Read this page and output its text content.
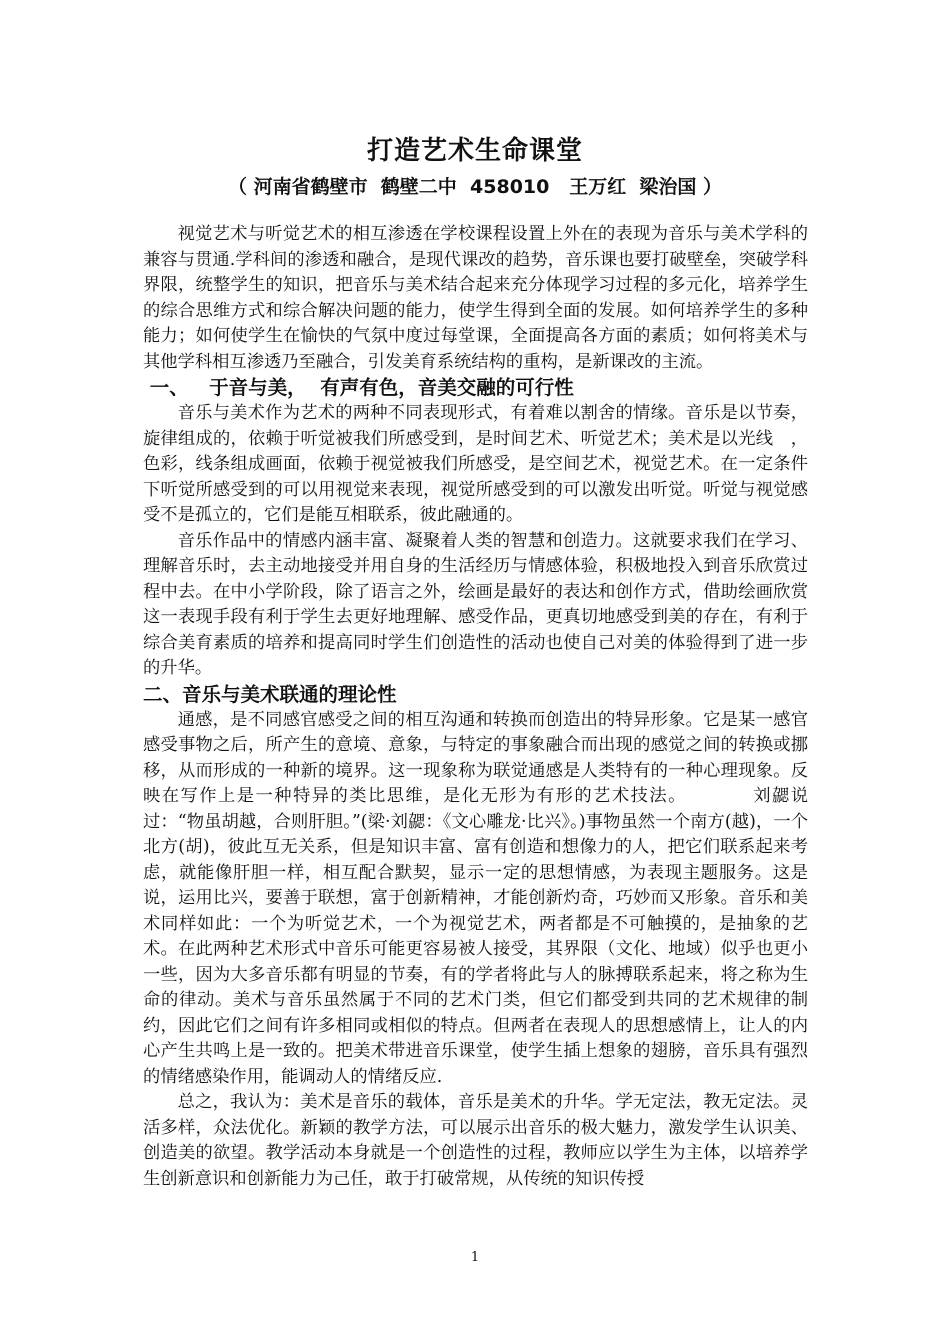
打造艺术生命课堂
（ 河南省鹤壁市  鹤壁二中  458010   王万红  梁治国 ）

视觉艺术与听觉艺术的相互渗透在学校课程设置上外在的表现为音乐与美术学科的兼容与贯通.学科间的渗透和融合，是现代课改的趋势，音乐课也要打破壁垒，突破学科界限，统整学生的知识，把音乐与美术结合起来充分体现学习过程的多元化，培养学生的综合思维方式和综合解决问题的能力，使学生得到全面的发展。如何培养学生的多种能力；如何使学生在愉快的气氛中度过每堂课，全面提高各方面的素质；如何将美术与其他学科相互渗透乃至融合，引发美育系统结构的重构，是新课改的主流。

一、   于音与美，  有声有色，音美交融的可行性

音乐与美术作为艺术的两种不同表现形式，有着难以割舍的情缘。音乐是以节奏，旋律组成的，依赖于听觉被我们所感受到，是时间艺术、听觉艺术；美术是以光线　，色彩，线条组成画面，依赖于视觉被我们所感受，是空间艺术，视觉艺术。在一定条件下听觉所感受到的可以用视觉来表现，视觉所感受到的可以激发出听觉。听觉与视觉感受不是孤立的，它们是能互相联系，彼此融通的。

音乐作品中的情感内涵丰富、凝聚着人类的智慧和创造力。这就要求我们在学习、理解音乐时，去主动地接受并用自身的生活经历与情感体验，积极地投入到音乐欣赏过程中去。在中小学阶段，除了语言之外，绘画是最好的表达和创作方式，借助绘画欣赏这一表现手段有利于学生去更好地理解、感受作品，更真切地感受到美的存在，有利于综合美育素质的培养和提高同时学生们创造性的活动也使自己对美的体验得到了进一步的升华。

二、音乐与美术联通的理论性

通感，是不同感官感受之间的相互沟通和转换而创造出的特异形象。它是某一感官感受事物之后，所产生的意境、意象，与特定的事象融合而出现的感觉之间的转换或挪移，从而形成的一种新的境界。这一现象称为联觉通感是人类特有的一种心理现象。反映在写作上是一种特异的类比思维，是化无形为有形的艺术技法。　　　　刘勰说过：“物虽胡越，合则肝胆。”(梁·刘勰：《文心雕龙·比兴》。)事物虽然一个南方(越)，一个北方(胡)，彼此互无关系，但是知识丰富、富有创造和想像力的人，把它们联系起来考虑，就能像肝胆一样，相互配合默契，显示一定的思想情感，为表现主题服务。这是说，运用比兴，要善于联想，富于创新精神，才能创新灼奇，巧妙而又形象。音乐和美术同样如此：一个为听觉艺术，一个为视觉艺术，两者都是不可触摸的，是抽象的艺术。在此两种艺术形式中音乐可能更容易被人接受，其界限（文化、地域）似乎也更小一些，因为大多音乐都有明显的节奏，有的学者将此与人的脉搏联系起来，将之称为生命的律动。美术与音乐虽然属于不同的艺术门类，但它们都受到共同的艺术规律的制约，因此它们之间有许多相同或相似的特点。但两者在表现人的思想感情上，让人的内心产生共鸣上是一致的。把美术带进音乐课堂，使学生插上想象的翅膀，音乐具有强烈的情绪感染作用，能调动人的情绪反应.

总之，我认为：美术是音乐的载体，音乐是美术的升华。学无定法，教无定法。灵活多样，众法优化。新颖的教学方法，可以展示出音乐的极大魅力，激发学生认识美、创造美的欲望。教学活动本身就是一个创造性的过程，教师应以学生为主体，以培养学生创新意识和创新能力为己任，敢于打破常规，从传统的知识传授

1
